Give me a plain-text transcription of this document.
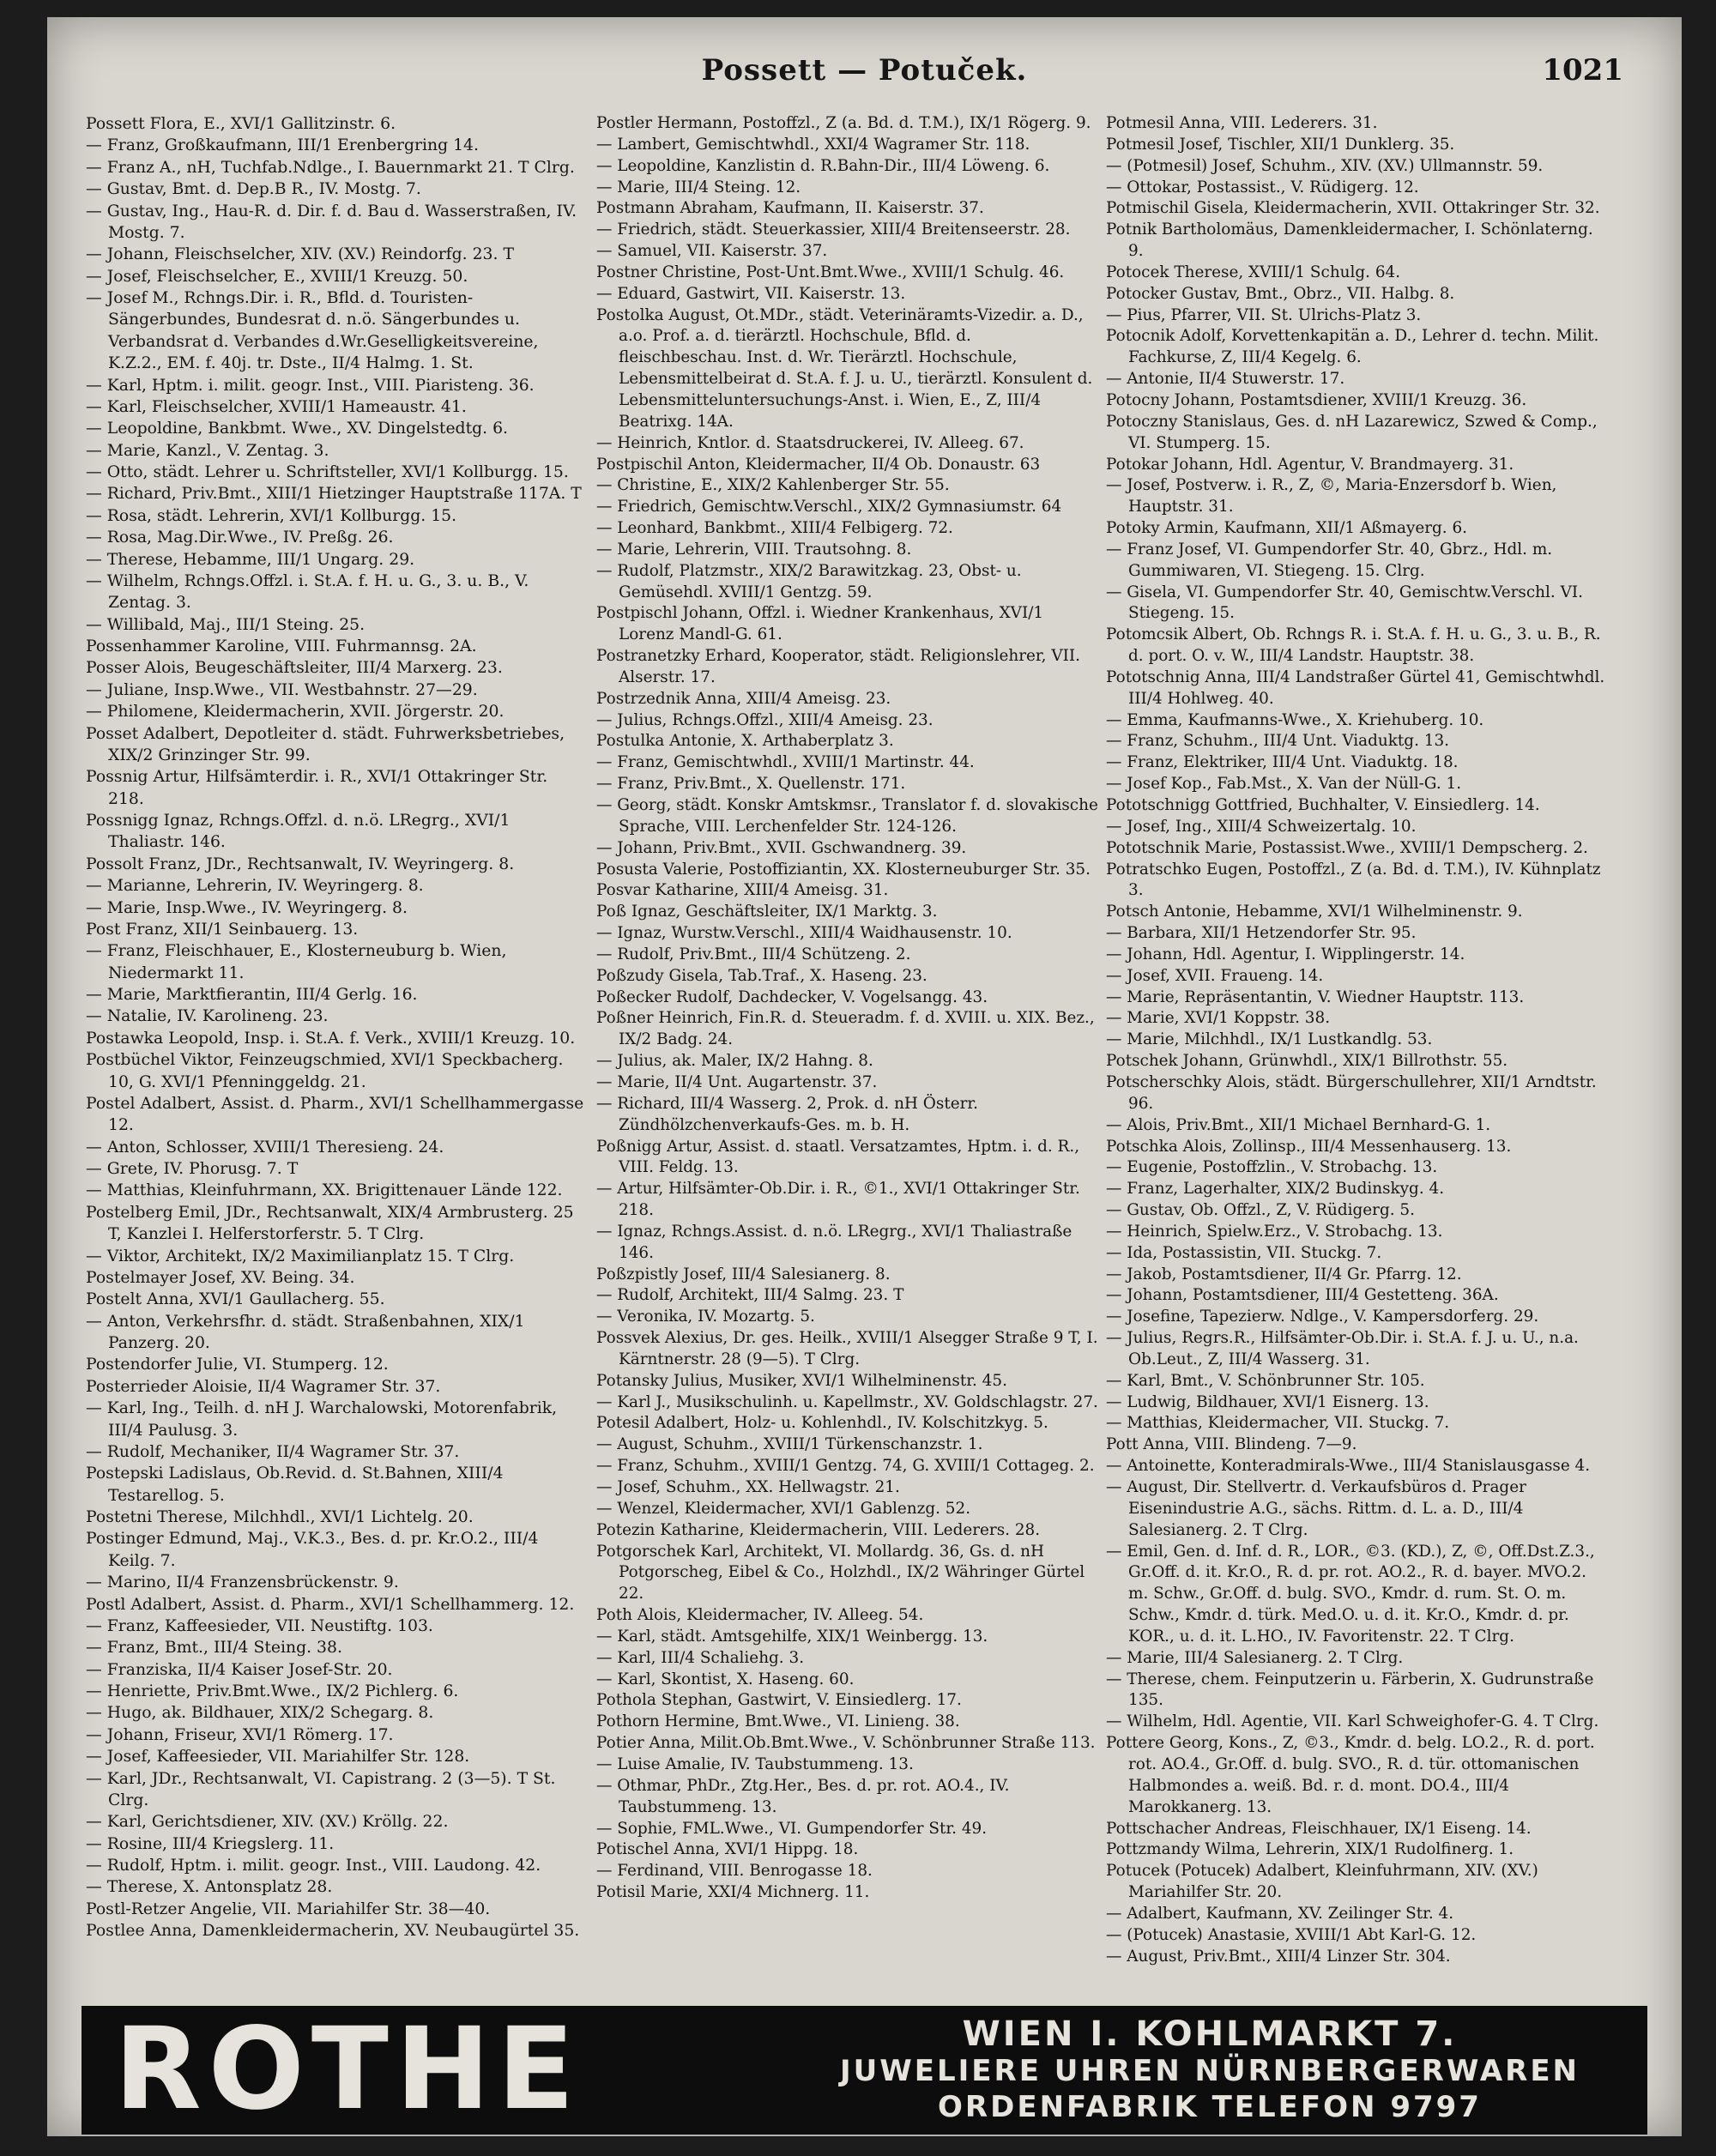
Possett — Potuček.	1021
Possett Flora, E., XVI/1 Gallitzinstr. 6.
— Franz, Großkaufmann, III/1 Erenbergring 14.
— Franz A., nH, Tuchfab.Ndlge., I. Bauernmarkt 21. T Clrg.
— Gustav, Bmt. d. Dep.B R., IV. Mostg. 7.
— Gustav, Ing., Hau-R. d. Dir. f. d. Bau d. Wasserstraßen, IV. Mostg. 7.
— Johann, Fleischselcher, XIV. (XV.) Reindorfg. 23. T
— Josef, Fleischselcher, E., XVIII/1 Kreuzg. 50.
— Josef M., Rchngs.Dir. i. R., Bfld. d. Touristen-Sängerbundes, Bundesrat d. n.ö. Sängerbundes u. Verbandsrat d. Verbandes d.Wr.Geselligkeitsvereine, K.Z.2., EM. f. 40j. tr. Dste., II/4 Halmg. 1. St.
— Karl, Hptm. i. milit. geogr. Inst., VIII. Piaristeng. 36.
— Karl, Fleischselcher, XVIII/1 Hameaustr. 41.
— Leopoldine, Bankbmt. Wwe., XV. Dingelstedtg. 6.
— Marie, Kanzl., V. Zentag. 3.
— Otto, städt. Lehrer u. Schriftsteller, XVI/1 Kollburgg. 15.
— Richard, Priv.Bmt., XIII/1 Hietzinger Hauptstraße 117A. T
— Rosa, städt. Lehrerin, XVI/1 Kollburgg. 15.
— Rosa, Mag.Dir.Wwe., IV. Preßg. 26.
— Therese, Hebamme, III/1 Ungarg. 29.
— Wilhelm, Rchngs.Offzl. i. St.A. f. H. u. G., 3. u. B., V. Zentag. 3.
— Willibald, Maj., III/1 Steing. 25.
Possenhammer Karoline, VIII. Fuhrmannsg. 2A.
Posser Alois, Beugeschäftsleiter, III/4 Marxerg. 23.
— Juliane, Insp.Wwe., VII. Westbahnstr. 27—29.
— Philomene, Kleidermacherin, XVII. Jörgerstr. 20.
Posset Adalbert, Depotleiter d. städt. Fuhrwerksbetriebes, XIX/2 Grinzinger Str. 99.
Possnig Artur, Hilfsämterdir. i. R., XVI/1 Ottakringer Str. 218.
Possnigg Ignaz, Rchngs.Offzl. d. n.ö. LRegrg., XVI/1 Thaliastr. 146.
Possolt Franz, JDr., Rechtsanwalt, IV. Weyringerg. 8.
— Marianne, Lehrerin, IV. Weyringerg. 8.
— Marie, Insp.Wwe., IV. Weyringerg. 8.
Post Franz, XII/1 Seinbauerg. 13.
— Franz, Fleischhauer, E., Klosterneuburg b. Wien, Niedermarkt 11.
— Marie, Marktfierantin, III/4 Gerlg. 16.
— Natalie, IV. Karolineng. 23.
Postawka Leopold, Insp. i. St.A. f. Verk., XVIII/1 Kreuzg. 10.
Postbüchel Viktor, Feinzeugschmied, XVI/1 Speckbacherg. 10, G. XVI/1 Pfenninggeldg. 21.
Postel Adalbert, Assist. d. Pharm., XVI/1 Schellhammergasse 12.
— Anton, Schlosser, XVIII/1 Theresieng. 24.
— Grete, IV. Phorusg. 7. T
— Matthias, Kleinfuhrmann, XX. Brigittenauer Lände 122.
Postelberg Emil, JDr., Rechtsanwalt, XIX/4 Armbrusterg. 25 T, Kanzlei I. Helferstorferstr. 5. T Clrg.
— Viktor, Architekt, IX/2 Maximilianplatz 15. T Clrg.
Postelmayer Josef, XV. Being. 34.
Postelt Anna, XVI/1 Gaullacherg. 55.
— Anton, Verkehrsfhr. d. städt. Straßenbahnen, XIX/1 Panzerg. 20.
Postendorfer Julie, VI. Stumperg. 12.
Posterrieder Aloisie, II/4 Wagramer Str. 37.
— Karl, Ing., Teilh. d. nH J. Warchalowski, Motorenfabrik, III/4 Paulusg. 3.
— Rudolf, Mechaniker, II/4 Wagramer Str. 37.
Postepski Ladislaus, Ob.Revid. d. St.Bahnen, XIII/4 Testarellog. 5.
Postetni Therese, Milchhdl., XVI/1 Lichtelg. 20.
Postinger Edmund, Maj., V.K.3., Bes. d. pr. Kr.O.2., III/4 Keilg. 7.
— Marino, II/4 Franzensbrückenstr. 9.
Postl Adalbert, Assist. d. Pharm., XVI/1 Schellhammerg. 12.
— Franz, Kaffeesieder, VII. Neustiftg. 103.
— Franz, Bmt., III/4 Steing. 38.
— Franziska, II/4 Kaiser Josef-Str. 20.
— Henriette, Priv.Bmt.Wwe., IX/2 Pichlerg. 6.
— Hugo, ak. Bildhauer, XIX/2 Schegarg. 8.
— Johann, Friseur, XVI/1 Römerg. 17.
— Josef, Kaffeesieder, VII. Mariahilfer Str. 128.
— Karl, JDr., Rechtsanwalt, VI. Capistrang. 2 (3—5). T St. Clrg.
— Karl, Gerichtsdiener, XIV. (XV.) Kröllg. 22.
— Rosine, III/4 Kriegslerg. 11.
— Rudolf, Hptm. i. milit. geogr. Inst., VIII. Laudong. 42.
— Therese, X. Antonsplatz 28.
Postl-Retzer Angelie, VII. Mariahilfer Str. 38—40.
Postlee Anna, Damenkleidermacherin, XV. Neubaugürtel 35.
Postler Hermann, Postoffzl., Z (a. Bd. d. T.M.), IX/1 Rögerg. 9.
— Lambert, Gemischtwhdl., XXI/4 Wagramer Str. 118.
— Leopoldine, Kanzlistin d. R.Bahn-Dir., III/4 Löweng. 6.
— Marie, III/4 Steing. 12.
Postmann Abraham, Kaufmann, II. Kaiserstr. 37.
— Friedrich, städt. Steuerkassier, XIII/4 Breitenseerstr. 28.
— Samuel, VII. Kaiserstr. 37.
Postner Christine, Post-Unt.Bmt.Wwe., XVIII/1 Schulg. 46.
— Eduard, Gastwirt, VII. Kaiserstr. 13.
Postolka August, Ot.MDr., städt. Veterinäramts-Vizedir. a. D., a.o. Prof. a. d. tierärztl. Hochschule, Bfld. d. fleischbeschau. Inst. d. Wr. Tierärztl. Hochschule, Lebensmittelbeirat d. St.A. f. J. u. U., tierärztl. Konsulent d. Lebensmitteluntersuchungs-Anst. i. Wien, E., Z, III/4 Beatrixg. 14A.
— Heinrich, Kntlor. d. Staatsdruckerei, IV. Alleeg. 67.
Postpischil Anton, Kleidermacher, II/4 Ob. Donaustr. 63
— Christine, E., XIX/2 Kahlenberger Str. 55.
— Friedrich, Gemischtw.Verschl., XIX/2 Gymnasiumstr. 64
— Leonhard, Bankbmt., XIII/4 Felbigerg. 72.
— Marie, Lehrerin, VIII. Trautsohng. 8.
— Rudolf, Platzmstr., XIX/2 Barawitzkag. 23, Obst- u. Gemüsehdl. XVIII/1 Gentzg. 59.
Postpischl Johann, Offzl. i. Wiedner Krankenhaus, XVI/1 Lorenz Mandl-G. 61.
Postranetzky Erhard, Kooperator, städt. Religionslehrer, VII. Alserstr. 17.
Postrzednik Anna, XIII/4 Ameisg. 23.
— Julius, Rchngs.Offzl., XIII/4 Ameisg. 23.
Postulka Antonie, X. Arthaberplatz 3.
— Franz, Gemischtwhdl., XVIII/1 Martinstr. 44.
— Franz, Priv.Bmt., X. Quellenstr. 171.
— Georg, städt. Konskr Amtskmsr., Translator f. d. slovakische Sprache, VIII. Lerchenfelder Str. 124-126.
— Johann, Priv.Bmt., XVII. Gschwandnerg. 39.
Posusta Valerie, Postoffiziantin, XX. Klosterneuburger Str. 35.
Posvar Katharine, XIII/4 Ameisg. 31.
Poß Ignaz, Geschäftsleiter, IX/1 Marktg. 3.
— Ignaz, Wurstw.Verschl., XIII/4 Waidhausenstr. 10.
— Rudolf, Priv.Bmt., III/4 Schützeng. 2.
Poßzudy Gisela, Tab.Traf., X. Haseng. 23.
Poßecker Rudolf, Dachdecker, V. Vogelsangg. 43.
Poßner Heinrich, Fin.R. d. Steueradm. f. d. XVIII. u. XIX. Bez., IX/2 Badg. 24.
— Julius, ak. Maler, IX/2 Hahng. 8.
— Marie, II/4 Unt. Augartenstr. 37.
— Richard, III/4 Wasserg. 2, Prok. d. nH Österr. Zündhölzchenverkaufs-Ges. m. b. H.
Poßnigg Artur, Assist. d. staatl. Versatzamtes, Hptm. i. d. R., VIII. Feldg. 13.
— Artur, Hilfsämter-Ob.Dir. i. R., ©1., XVI/1 Ottakringer Str. 218.
— Ignaz, Rchngs.Assist. d. n.ö. LRegrg., XVI/1 Thaliastraße 146.
Poßzpistly Josef, III/4 Salesianerg. 8.
— Rudolf, Architekt, III/4 Salmg. 23. T
— Veronika, IV. Mozartg. 5.
Possvek Alexius, Dr. ges. Heilk., XVIII/1 Alsegger Straße 9 T, I. Kärntnerstr. 28 (9—5). T Clrg.
Potansky Julius, Musiker, XVI/1 Wilhelminenstr. 45.
— Karl J., Musikschulinh. u. Kapellmstr., XV. Goldschlagstr. 27.
Potesil Adalbert, Holz- u. Kohlenhdl., IV. Kolschitzkyg. 5.
— August, Schuhm., XVIII/1 Türkenschanzstr. 1.
— Franz, Schuhm., XVIII/1 Gentzg. 74, G. XVIII/1 Cottageg. 2.
— Josef, Schuhm., XX. Hellwagstr. 21.
— Wenzel, Kleidermacher, XVI/1 Gablenzg. 52.
Potezin Katharine, Kleidermacherin, VIII. Lederers. 28.
Potgorschek Karl, Architekt, VI. Mollardg. 36, Gs. d. nH Potgorscheg, Eibel & Co., Holzhdl., IX/2 Währinger Gürtel 22.
Poth Alois, Kleidermacher, IV. Alleeg. 54.
— Karl, städt. Amtsgehilfe, XIX/1 Weinbergg. 13.
— Karl, III/4 Schaliehg. 3.
— Karl, Skontist, X. Haseng. 60.
Pothola Stephan, Gastwirt, V. Einsiedlerg. 17.
Pothorn Hermine, Bmt.Wwe., VI. Linieng. 38.
Potier Anna, Milit.Ob.Bmt.Wwe., V. Schönbrunner Straße 113.
— Luise Amalie, IV. Taubstummeng. 13.
— Othmar, PhDr., Ztg.Her., Bes. d. pr. rot. AO.4., IV. Taubstummeng. 13.
— Sophie, FML.Wwe., VI. Gumpendorfer Str. 49.
Potischel Anna, XVI/1 Hippg. 18.
— Ferdinand, VIII. Benrogasse 18.
Potisil Marie, XXI/4 Michnerg. 11.
Potmesil Anna, VIII. Lederers. 31.
Potmesil Josef, Tischler, XII/1 Dunklerg. 35.
— (Potmesil) Josef, Schuhm., XIV. (XV.) Ullmannstr. 59.
— Ottokar, Postassist., V. Rüdigerg. 12.
Potmischil Gisela, Kleidermacherin, XVII. Ottakringer Str. 32.
Potnik Bartholomäus, Damenkleidermacher, I. Schönlaterng. 9.
Potocek Therese, XVIII/1 Schulg. 64.
Potocker Gustav, Bmt., Obrz., VII. Halbg. 8.
— Pius, Pfarrer, VII. St. Ulrichs-Platz 3.
Potocnik Adolf, Korvettenkapitän a. D., Lehrer d. techn. Milit. Fachkurse, Z, III/4 Kegelg. 6.
— Antonie, II/4 Stuwerstr. 17.
Potocny Johann, Postamtsdiener, XVIII/1 Kreuzg. 36.
Potoczny Stanislaus, Ges. d. nH Lazarewicz, Szwed & Comp., VI. Stumperg. 15.
Potokar Johann, Hdl. Agentur, V. Brandmayerg. 31.
— Josef, Postverw. i. R., Z, ©, Maria-Enzersdorf b. Wien, Hauptstr. 31.
Potoky Armin, Kaufmann, XII/1 Aßmayerg. 6.
— Franz Josef, VI. Gumpendorfer Str. 40, Gbrz., Hdl. m. Gummiwaren, VI. Stiegeng. 15. Clrg.
— Gisela, VI. Gumpendorfer Str. 40, Gemischtw.Verschl. VI. Stiegeng. 15.
Potomcsik Albert, Ob. Rchngs R. i. St.A. f. H. u. G., 3. u. B., R. d. port. O. v. W., III/4 Landstr. Hauptstr. 38.
Pototschnig Anna, III/4 Landstraßer Gürtel 41, Gemischtwhdl. III/4 Hohlweg. 40.
— Emma, Kaufmanns-Wwe., X. Kriehuberg. 10.
— Franz, Schuhm., III/4 Unt. Viaduktg. 13.
— Franz, Elektriker, III/4 Unt. Viaduktg. 18.
— Josef Kop., Fab.Mst., X. Van der Nüll-G. 1.
Pototschnigg Gottfried, Buchhalter, V. Einsiedlerg. 14.
— Josef, Ing., XIII/4 Schweizertalg. 10.
Pototschnik Marie, Postassist.Wwe., XVIII/1 Dempscherg. 2.
Potratschko Eugen, Postoffzl., Z (a. Bd. d. T.M.), IV. Kühnplatz 3.
Potsch Antonie, Hebamme, XVI/1 Wilhelminenstr. 9.
— Barbara, XII/1 Hetzendorfer Str. 95.
— Johann, Hdl. Agentur, I. Wipplingerstr. 14.
— Josef, XVII. Fraueng. 14.
— Marie, Repräsentantin, V. Wiedner Hauptstr. 113.
— Marie, XVI/1 Koppstr. 38.
— Marie, Milchhdl., IX/1 Lustkandlg. 53.
Potschek Johann, Grünwhdl., XIX/1 Billrothstr. 55.
Potscherschky Alois, städt. Bürgerschullehrer, XII/1 Arndtstr. 96.
— Alois, Priv.Bmt., XII/1 Michael Bernhard-G. 1.
Potschka Alois, Zollinsp., III/4 Messenhauserg. 13.
— Eugenie, Postoffzlin., V. Strobachg. 13.
— Franz, Lagerhalter, XIX/2 Budinskyg. 4.
— Gustav, Ob. Offzl., Z, V. Rüdigerg. 5.
— Heinrich, Spielw.Erz., V. Strobachg. 13.
— Ida, Postassistin, VII. Stuckg. 7.
— Jakob, Postamtsdiener, II/4 Gr. Pfarrg. 12.
— Johann, Postamtsdiener, III/4 Gestetteng. 36A.
— Josefine, Tapezierw. Ndlge., V. Kampersdorferg. 29.
— Julius, Regrs.R., Hilfsämter-Ob.Dir. i. St.A. f. J. u. U., n.a. Ob.Leut., Z, III/4 Wasserg. 31.
— Karl, Bmt., V. Schönbrunner Str. 105.
— Ludwig, Bildhauer, XVI/1 Eisnerg. 13.
— Matthias, Kleidermacher, VII. Stuckg. 7.
Pott Anna, VIII. Blindeng. 7—9.
— Antoinette, Konteradmirals-Wwe., III/4 Stanislausgasse 4.
— August, Dir. Stellvertr. d. Verkaufsbüros d. Prager Eisenindustrie A.G., sächs. Rittm. d. L. a. D., III/4 Salesianerg. 2. T Clrg.
— Emil, Gen. d. Inf. d. R., LOR., ©3. (KD.), Z, ©, Off.Dst.Z.3., Gr.Off. d. it. Kr.O., R. d. pr. rot. AO.2., R. d. bayer. MVO.2. m. Schw., Gr.Off. d. bulg. SVO., Kmdr. d. rum. St. O. m. Schw., Kmdr. d. türk. Med.O. u. d. it. Kr.O., Kmdr. d. pr. KOR., u. d. it. L.HO., IV. Favoritenstr. 22. T Clrg.
— Marie, III/4 Salesianerg. 2. T Clrg.
— Therese, chem. Feinputzerin u. Färberin, X. Gudrunstraße 135.
— Wilhelm, Hdl. Agentie, VII. Karl Schweighofer-G. 4. T Clrg.
Pottere Georg, Kons., Z, ©3., Kmdr. d. belg. LO.2., R. d. port. rot. AO.4., Gr.Off. d. bulg. SVO., R. d. tür. ottomanischen Halbmondes a. weiß. Bd. r. d. mont. DO.4., III/4 Marokkanerg. 13.
Pottschacher Andreas, Fleischhauer, IX/1 Eiseng. 14.
Pottzmandy Wilma, Lehrerin, XIX/1 Rudolfinerg. 1.
Potucek (Potucek) Adalbert, Kleinfuhrmann, XIV. (XV.) Mariahilfer Str. 20.
— Adalbert, Kaufmann, XV. Zeilinger Str. 4.
— (Potucek) Anastasie, XVIII/1 Abt Karl-G. 12.
— August, Priv.Bmt., XIII/4 Linzer Str. 304.
ROTHE	WIEN I. KOHLMARKT 7.
JUWELIERE UHREN NÜRNBERGERWAREN
ORDENFABRIK TELEFON 9797
